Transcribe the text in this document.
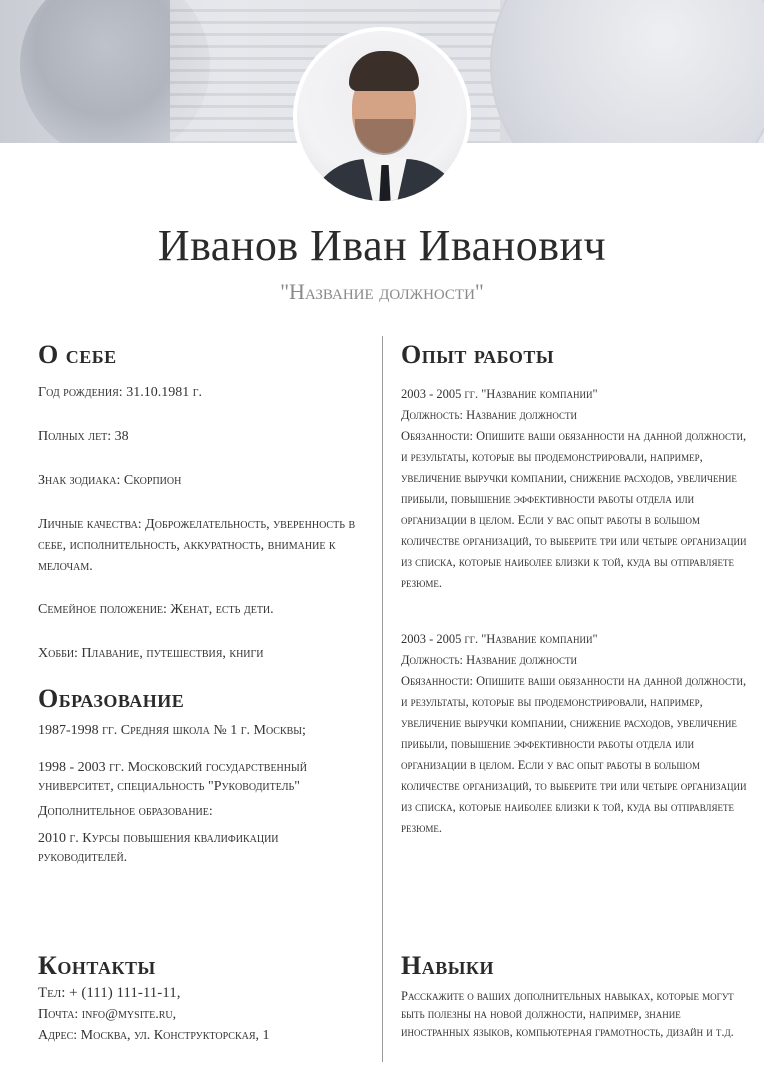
Иванов Иван Иванович
"Название должности"
О себе
Год рождения: 31.10.1981 г.
Полных лет: 38
Знак зодиака: Скорпион
Личные качества: Доброжелательность, уверенность в себе, исполнительность, аккуратность, внимание к мелочам.
Семейное положение: Женат, есть дети.
Хобби: Плавание, путешествия, книги
Образование
1987-1998 гг. Средняя школа № 1 г. Москвы;
1998 - 2003 гг. Московский государственный университет, специальность "Руководитель"
Дополнительное образование:
2010 г. Курсы повышения квалификации руководителей.
Контакты
Тел: + (111) 111-11-11,
Почта: info@mysite.ru,
Адрес: Москва, ул. Конструкторская, 1
Опыт работы
2003 - 2005 гг. "Название компании"
Должность: Название должности
Обязанности: Опишите ваши обязанности на данной должности, и результаты, которые вы продемонстрировали, например, увеличение выручки компании, снижение расходов, увеличение прибыли, повышение эффективности работы отдела или организации в целом. Если у вас опыт работы в большом количестве организаций, то выберите три или четыре организации из списка, которые наиболее близки к той, куда вы отправляете резюме.
2003 - 2005 гг. "Название компании"
Должность: Название должности
Обязанности: Опишите ваши обязанности на данной должности, и результаты, которые вы продемонстрировали, например, увеличение выручки компании, снижение расходов, увеличение прибыли, повышение эффективности работы отдела или организации в целом. Если у вас опыт работы в большом количестве организаций, то выберите три или четыре организации из списка, которые наиболее близки к той, куда вы отправляете резюме.
Навыки
Расскажите о ваших дополнительных навыках, которые могут быть полезны на новой должности, например, знание иностранных языков, компьютерная грамотность, дизайн и т.д.
